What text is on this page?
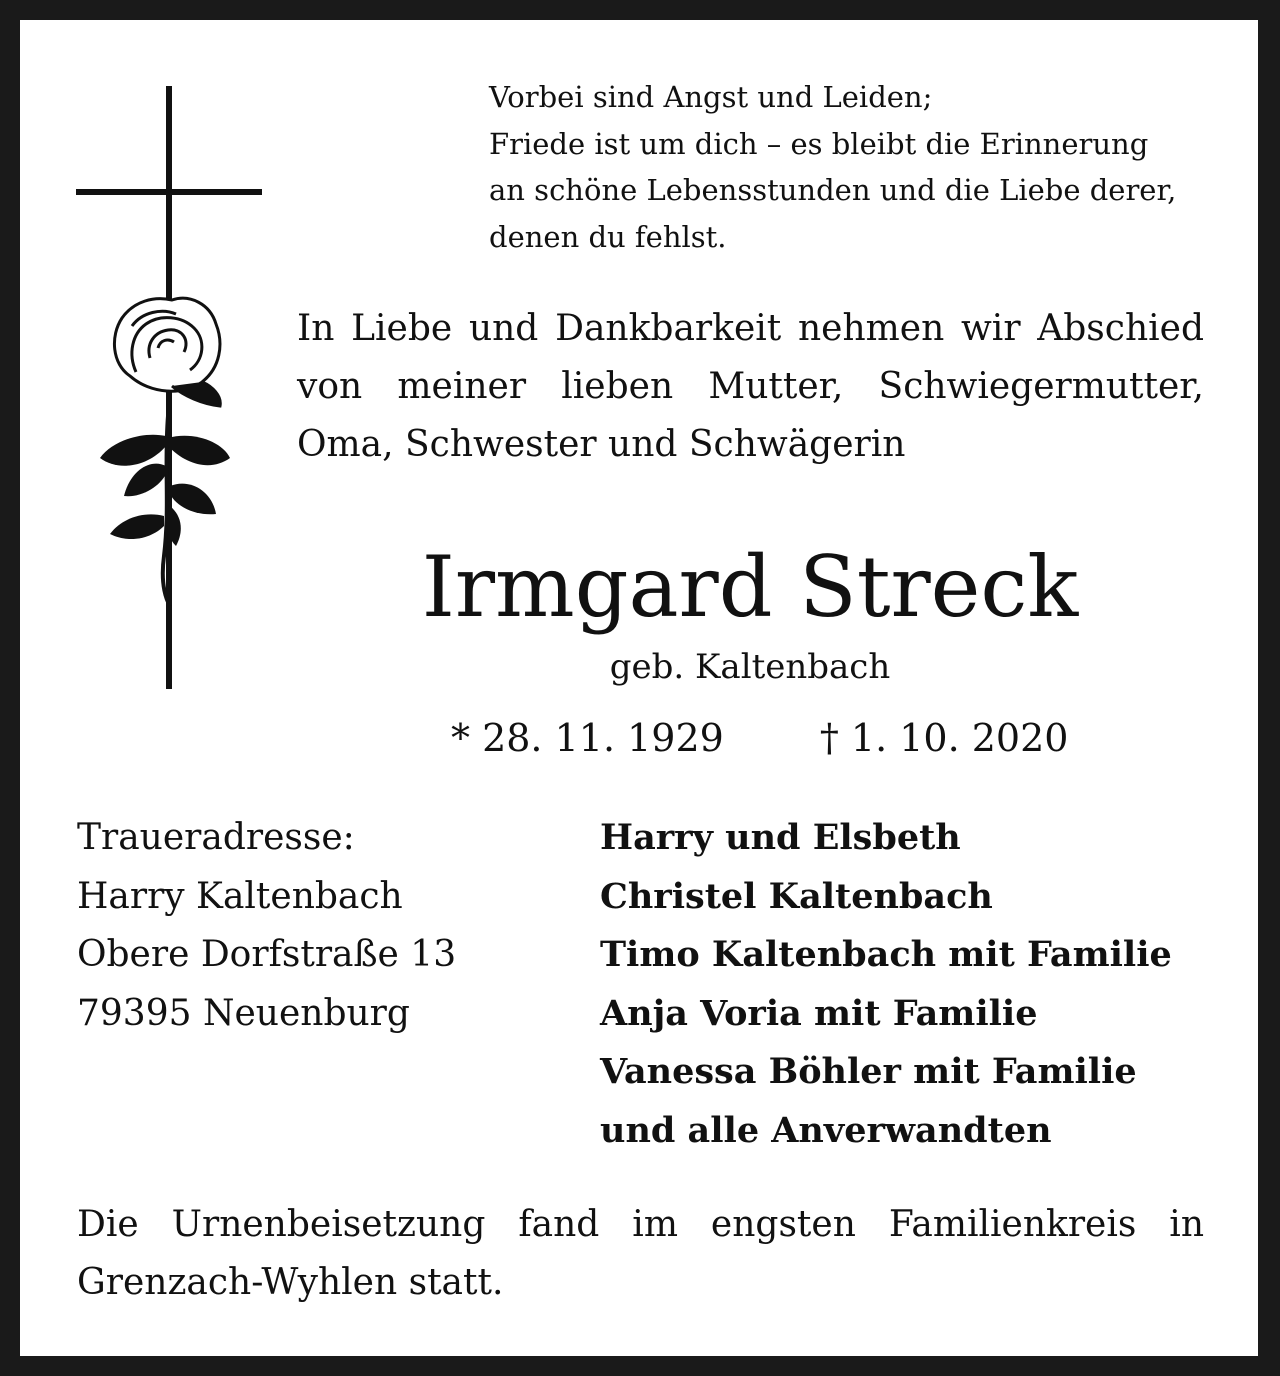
Vorbei sind Angst und Leiden;
Friede ist um dich – es bleibt die Erinnerung
an schöne Lebensstunden und die Liebe derer,
denen du fehlst.
In Liebe und Dankbarkeit nehmen wir Abschied
von meiner lieben Mutter, Schwiegermutter,
Oma, Schwester und Schwägerin
Irmgard Streck
geb. Kaltenbach
* 28. 11. 1929	† 1. 10. 2020
Traueradresse:
Harry Kaltenbach
Obere Dorfstraße 13
79395 Neuenburg
Harry und Elsbeth
Christel Kaltenbach
Timo Kaltenbach mit Familie
Anja Voria mit Familie
Vanessa Böhler mit Familie
und alle Anverwandten
Die Urnenbeisetzung fand im engsten Familienkreis in
Grenzach-Wyhlen statt.
